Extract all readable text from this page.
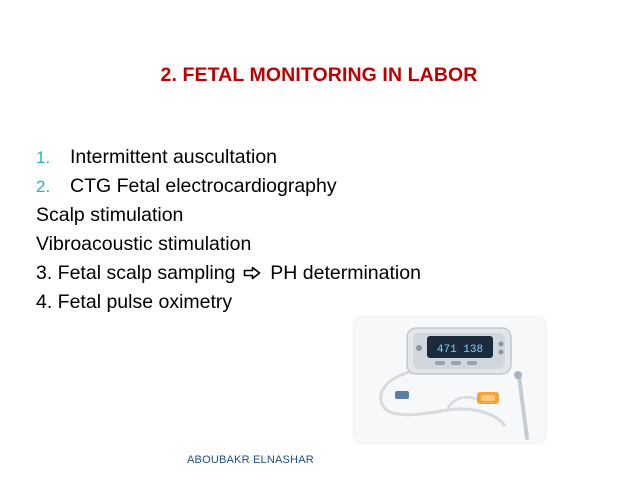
2. FETAL MONITORING IN LABOR
1. Intermittent auscultation
2. CTG Fetal electrocardiography
Scalp stimulation
Vibroacoustic stimulation
3. Fetal scalp sampling PH determination
4. Fetal pulse oximetry
471 138
ABOUBAKR ELNASHAR
